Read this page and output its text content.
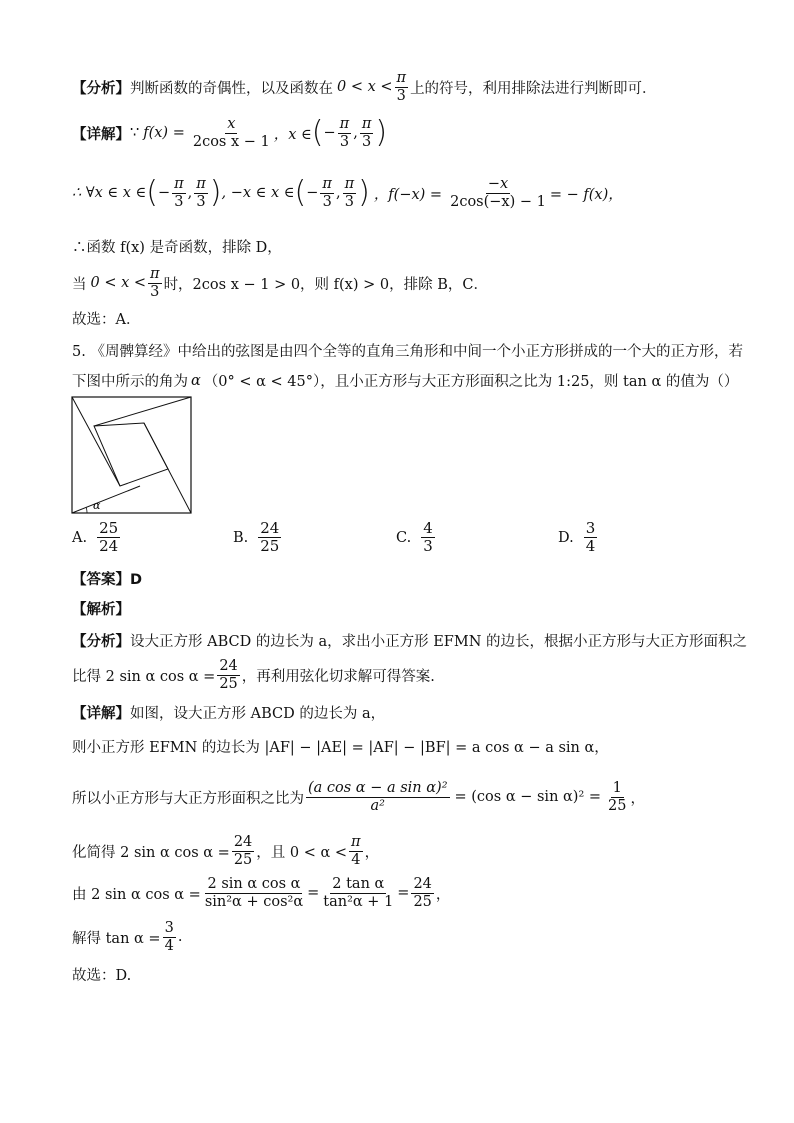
【分析】 判断函数的奇偶性，以及函数在 $0 < x < \frac{\pi}{3}$ 上的符号，利用排除法进行判断即可．
【详解】 ∵ $f(x) = \frac{x}{\text{2cos x − 1}}$ ，x ∈ ( − $\frac{\pi}{3}$ , $\frac{\pi}{3}$ )
∴ ∀x ∈ x ∈ ( − $\frac{\pi}{3}$ , $\frac{\pi}{3}$ ) , −x ∈ x ∈ ( − $\frac{\pi}{3}$ , $\frac{\pi}{3}$ ) ，$f(-x) = \frac{-x}{2\cos(-x) - 1}$ = − f(x)，
∴函数 f(x) 是奇函数，排除 D，
当 $0 < x < \frac{\pi}{3}$ 时，2cos x − 1 > 0，则 f(x) > 0，排除 B，C．
故选：A．
5. 《周髀算经》中给出的弦图是由四个全等的直角三角形和中间一个小正方形拼成的一个大的正方形，若
下图中所示的角为 α （0° < α < 45°），且小正方形与大正方形面积之比为 1:25，则 tan α 的值为（）
α
A. $\frac{25}{24}$	B. $\frac{24}{25}$	C. $\frac{4}{3}$	D. $\frac{3}{4}$
【答案】D
【解析】
【分析】 设大正方形 ABCD 的边长为 a，求出小正方形 EFMN 的边长，根据小正方形与大正方形面积之
比得 2 sin α $\cos \alpha = \frac{24}{25}$ ，再利用弦化切求解可得答案.
【详解】 如图，设大正方形 ABCD 的边长为 a，
则小正方形 EFMN 的边长为 |AF| − |AE| = |AF| − |BF| = a cos α − a sin α，
所以小正方形与大正方形面积之比为 $\frac{\text{(a cos α − a sin α)²}}{\text{a²}} = (\cos$ $\alpha - \sin \alpha)^2 = \frac{1}{25}$ ，
化简得 2 sin α $\cos \alpha = \frac{24}{25}$ ，且 $0 < \alpha < \frac{\pi}{4}$ ，
由 2 sin α $\cos \alpha = \frac{\text{2 sin α cos α}}{\text{sin²α + cos²α}} = \frac{\text{2 tan α}}{\text{tan²α + 1}} = \frac{24}{25}$ ，
解得 $\tan \alpha = \frac{3}{4}$ .
故选：D.
